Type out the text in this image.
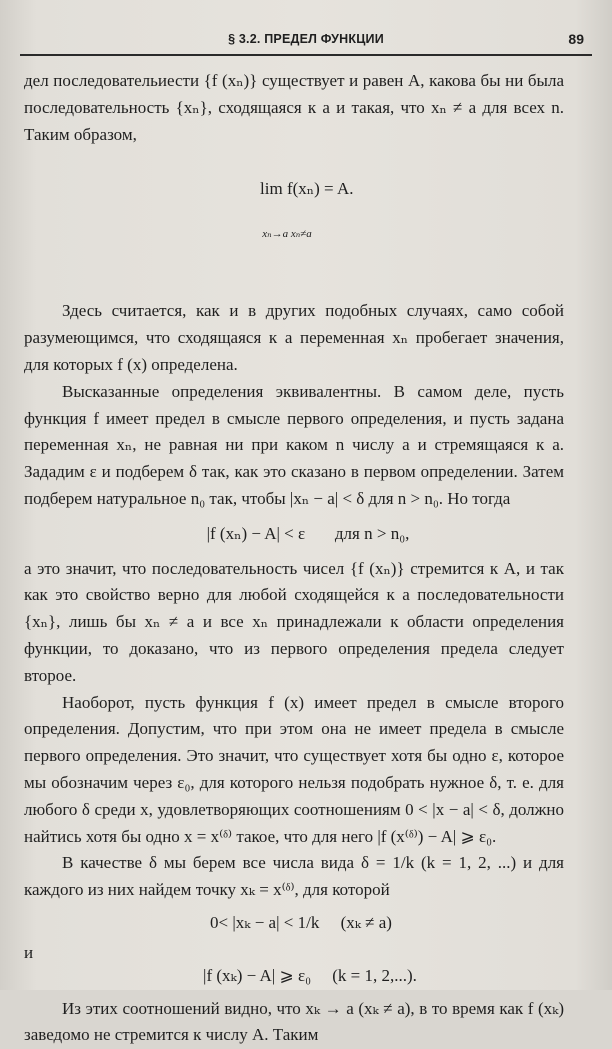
§ 3.2. ПРЕДЕЛ ФУНКЦИИ	89

дел последовательиести {f (xₙ)} существует и равен A, какова бы ни была последовательность {xₙ}, сходящаяся к a и такая, что xₙ ≠ a для всех n. Таким образом,

lim f(xₙ) = A.

xₙ→a xₙ≠a

Здесь считается, как и в других подобных случаях, само собой разумеющимся, что сходящаяся к a переменная xₙ пробегает значения, для которых f (x) определена.

Высказанные определения эквивалентны. В самом деле, пусть функция f имеет предел в смысле первого определения, и пусть задана переменная xₙ, не равная ни при каком n числу a и стремящаяся к a. Зададим ε и подберем δ так, как это сказано в первом определении. Затем подберем натуральное n₀ так, чтобы |xₙ − a| < δ для n > n₀. Но тогда

|f (xₙ) − A| < ε       для n > n₀,

а это значит, что последовательность чисел {f (xₙ)} стремится к A, и так как это свойство верно для любой сходящейся к a последовательности {xₙ}, лишь бы xₙ ≠ a и все xₙ принадлежали к области определения функции, то доказано, что из первого определения предела следует второе.

Наоборот, пусть функция f (x) имеет предел в смысле второго определения. Допустим, что при этом она не имеет предела в смысле первого определения. Это значит, что существует хотя бы одно ε, которое мы обозначим через ε₀, для которого нельзя подобрать нужное δ, т. е. для любого δ среди x, удовлетворяющих соотношениям 0 < |x − a| < δ, должно найтись хотя бы одно x = x⁽ᵟ⁾ такое, что для него |f (x⁽ᵟ⁾) − A| ⩾ ε₀.

В качестве δ мы берем все числа вида δ = 1/k (k = 1, 2, ...) и для каждого из них найдем точку xₖ = x⁽ᵟ⁾, для которой

0< |xₖ − a| < 1/k     (xₖ ≠ a)

и

|f (xₖ) − A| ⩾ ε₀     (k = 1, 2,...).

Из этих соотношений видно, что xₖ → a (xₖ ≠ a), в то время как f (xₖ) заведомо не стремится к числу A. Таким
